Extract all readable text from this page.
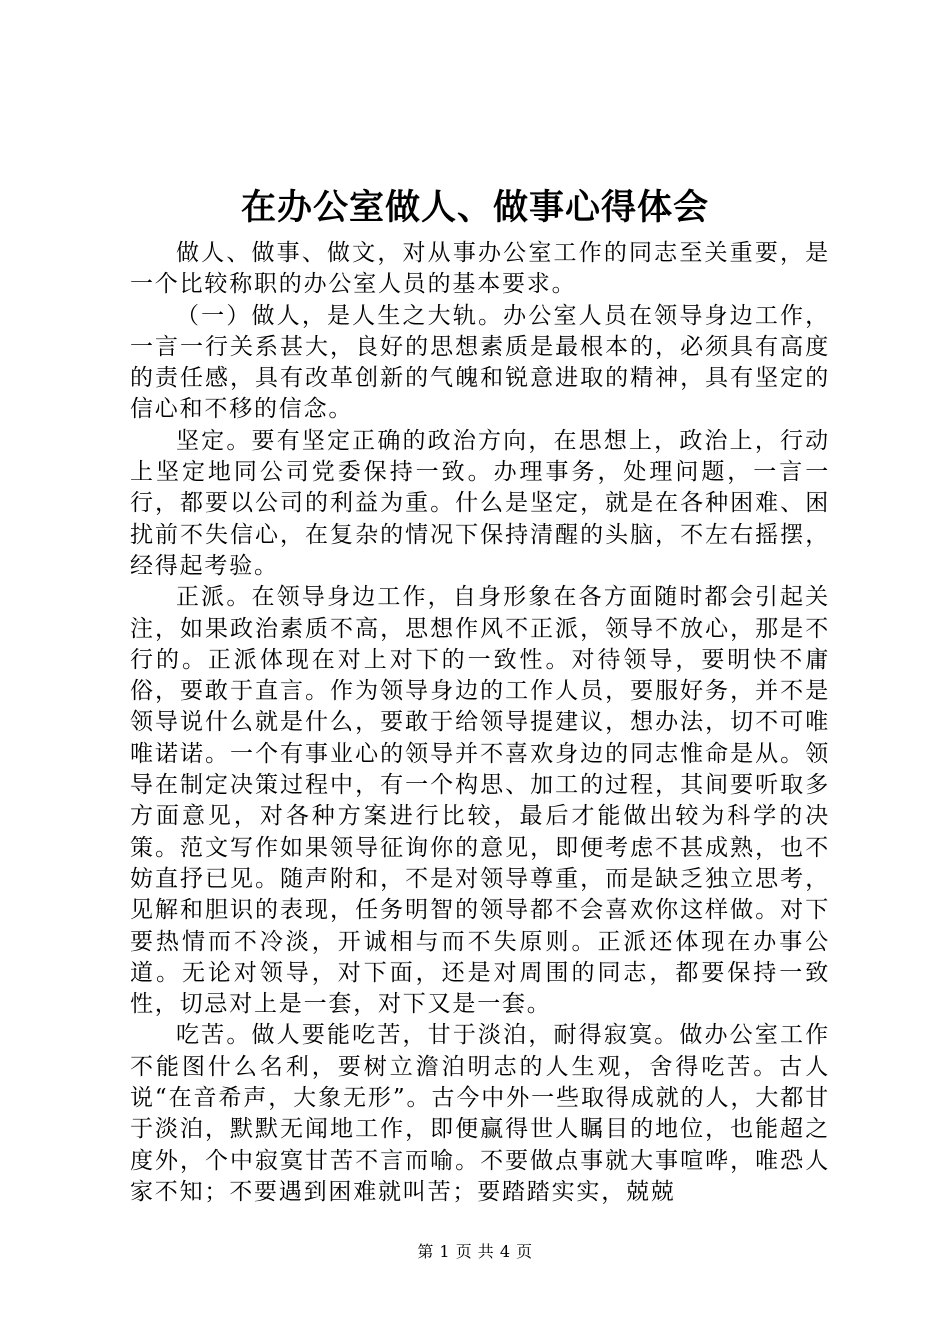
在办公室做人、做事心得体会

做人、做事、做文，对从事办公室工作的同志至关重要，是一个比较称职的办公室人员的基本要求。

（一）做人，是人生之大轨。办公室人员在领导身边工作，一言一行关系甚大，良好的思想素质是最根本的，必须具有高度的责任感，具有改革创新的气魄和锐意进取的精神，具有坚定的信心和不移的信念。

坚定。要有坚定正确的政治方向，在思想上，政治上，行动上坚定地同公司党委保持一致。办理事务，处理问题，一言一行，都要以公司的利益为重。什么是坚定，就是在各种困难、困扰前不失信心，在复杂的情况下保持清醒的头脑，不左右摇摆，经得起考验。

正派。在领导身边工作，自身形象在各方面随时都会引起关注，如果政治素质不高，思想作风不正派，领导不放心，那是不行的。正派体现在对上对下的一致性。对待领导，要明快不庸俗，要敢于直言。作为领导身边的工作人员，要服好务，并不是领导说什么就是什么，要敢于给领导提建议，想办法，切不可唯唯诺诺。一个有事业心的领导并不喜欢身边的同志惟命是从。领导在制定决策过程中，有一个构思、加工的过程，其间要听取多方面意见，对各种方案进行比较，最后才能做出较为科学的决策。范文写作如果领导征询你的意见，即便考虑不甚成熟，也不妨直抒已见。随声附和，不是对领导尊重，而是缺乏独立思考，见解和胆识的表现，任务明智的领导都不会喜欢你这样做。对下要热情而不冷淡，开诚相与而不失原则。正派还体现在办事公道。无论对领导，对下面，还是对周围的同志，都要保持一致性，切忌对上是一套，对下又是一套。

吃苦。做人要能吃苦，甘于淡泊，耐得寂寞。做办公室工作不能图什么名利，要树立澹泊明志的人生观，舍得吃苦。古人说“在音希声，大象无形”。古今中外一些取得成就的人，大都甘于淡泊，默默无闻地工作，即便赢得世人瞩目的地位，也能超之度外，个中寂寞甘苦不言而喻。不要做点事就大事喧哗，唯恐人家不知；不要遇到困难就叫苦；要踏踏实实，兢兢

第 1 页 共 4 页
